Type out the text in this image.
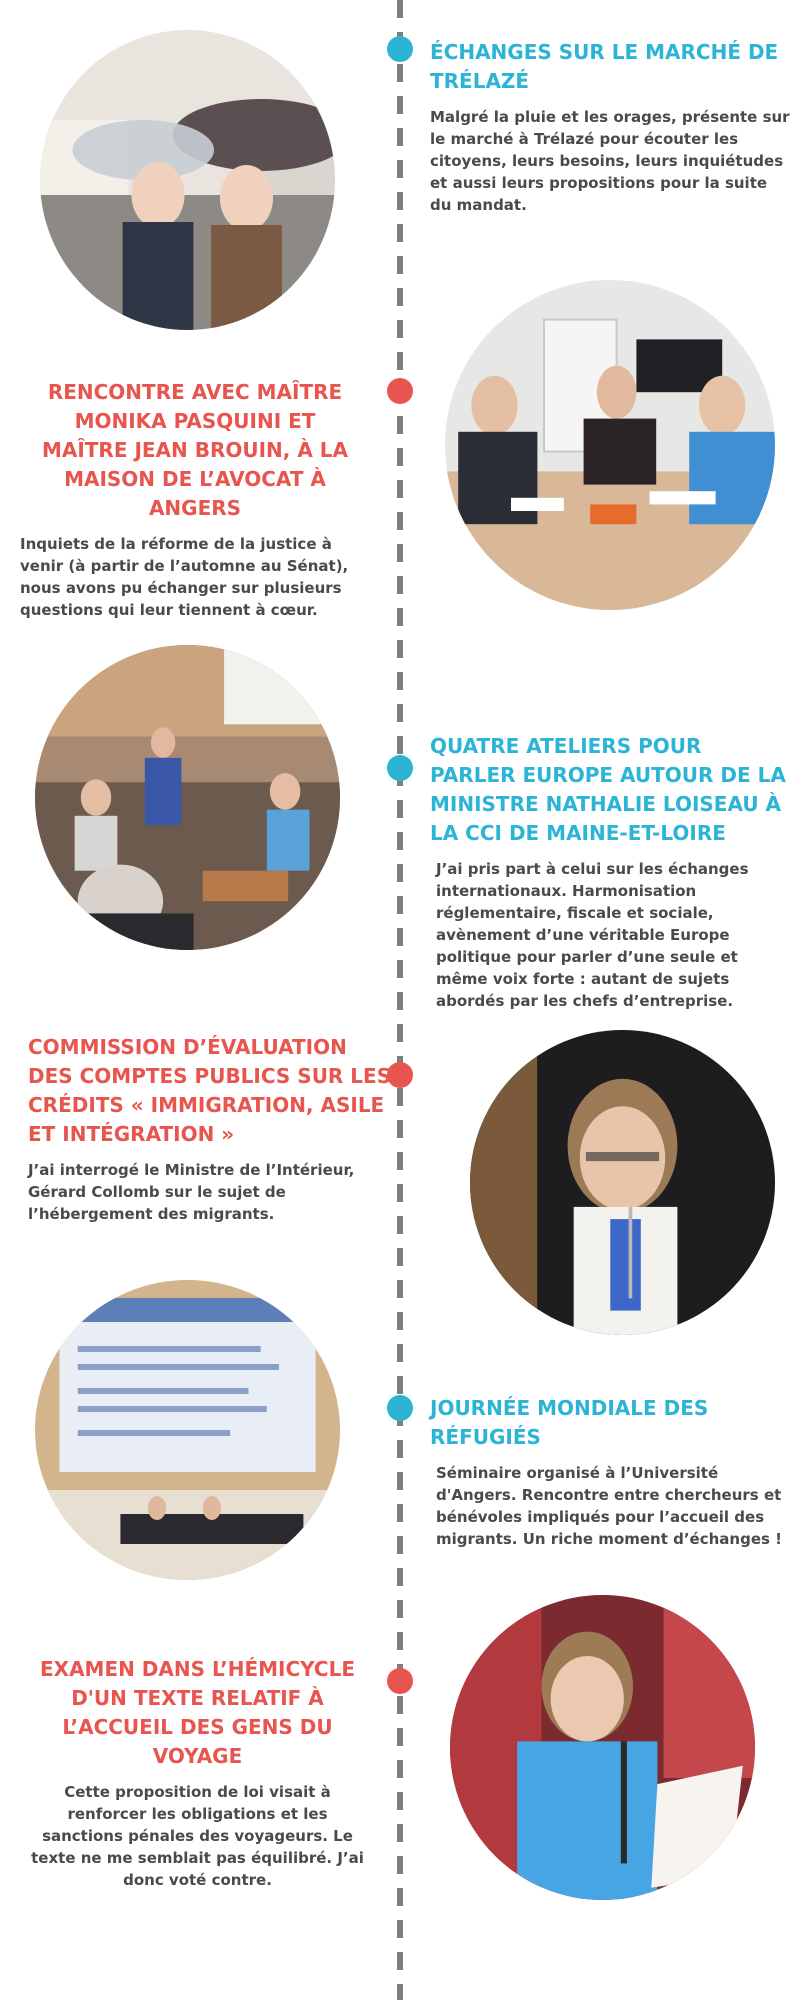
ÉCHANGES SUR LE MARCHÉ DE TRÉLAZÉ

Malgré la pluie et les orages, présente sur le marché à Trélazé pour écouter les citoyens, leurs besoins, leurs inquiétudes et aussi leurs propositions pour la suite du mandat.

RENCONTRE AVEC MAÎTRE MONIKA PASQUINI ET MAÎTRE JEAN BROUIN, À LA MAISON DE L’AVOCAT À ANGERS

Inquiets de la réforme de la justice à venir (à partir de l’automne au Sénat), nous avons pu échanger sur plusieurs questions qui leur tiennent à cœur.

QUATRE ATELIERS POUR PARLER EUROPE AUTOUR DE LA MINISTRE NATHALIE LOISEAU À LA CCI DE MAINE-ET-LOIRE

J’ai pris part à celui sur les échanges internationaux. Harmonisation réglementaire, fiscale et sociale, avènement d’une véritable Europe politique pour parler d’une seule et même voix forte : autant de sujets abordés par les chefs d’entreprise.

COMMISSION D’ÉVALUATION DES COMPTES PUBLICS SUR LES CRÉDITS « IMMIGRATION, ASILE ET INTÉGRATION »

J’ai interrogé le Ministre de l’Intérieur, Gérard Collomb sur le sujet de l’hébergement des migrants.

JOURNÉE MONDIALE DES RÉFUGIÉS

Séminaire organisé à l’Université d'Angers. Rencontre entre chercheurs et bénévoles impliqués pour l’accueil des migrants. Un riche moment d’échanges !

EXAMEN DANS L’HÉMICYCLE D'UN TEXTE RELATIF À L’ACCUEIL DES GENS DU VOYAGE

Cette proposition de loi visait à renforcer les obligations et les sanctions pénales des voyageurs. Le texte ne me semblait pas équilibré. J’ai donc voté contre.
